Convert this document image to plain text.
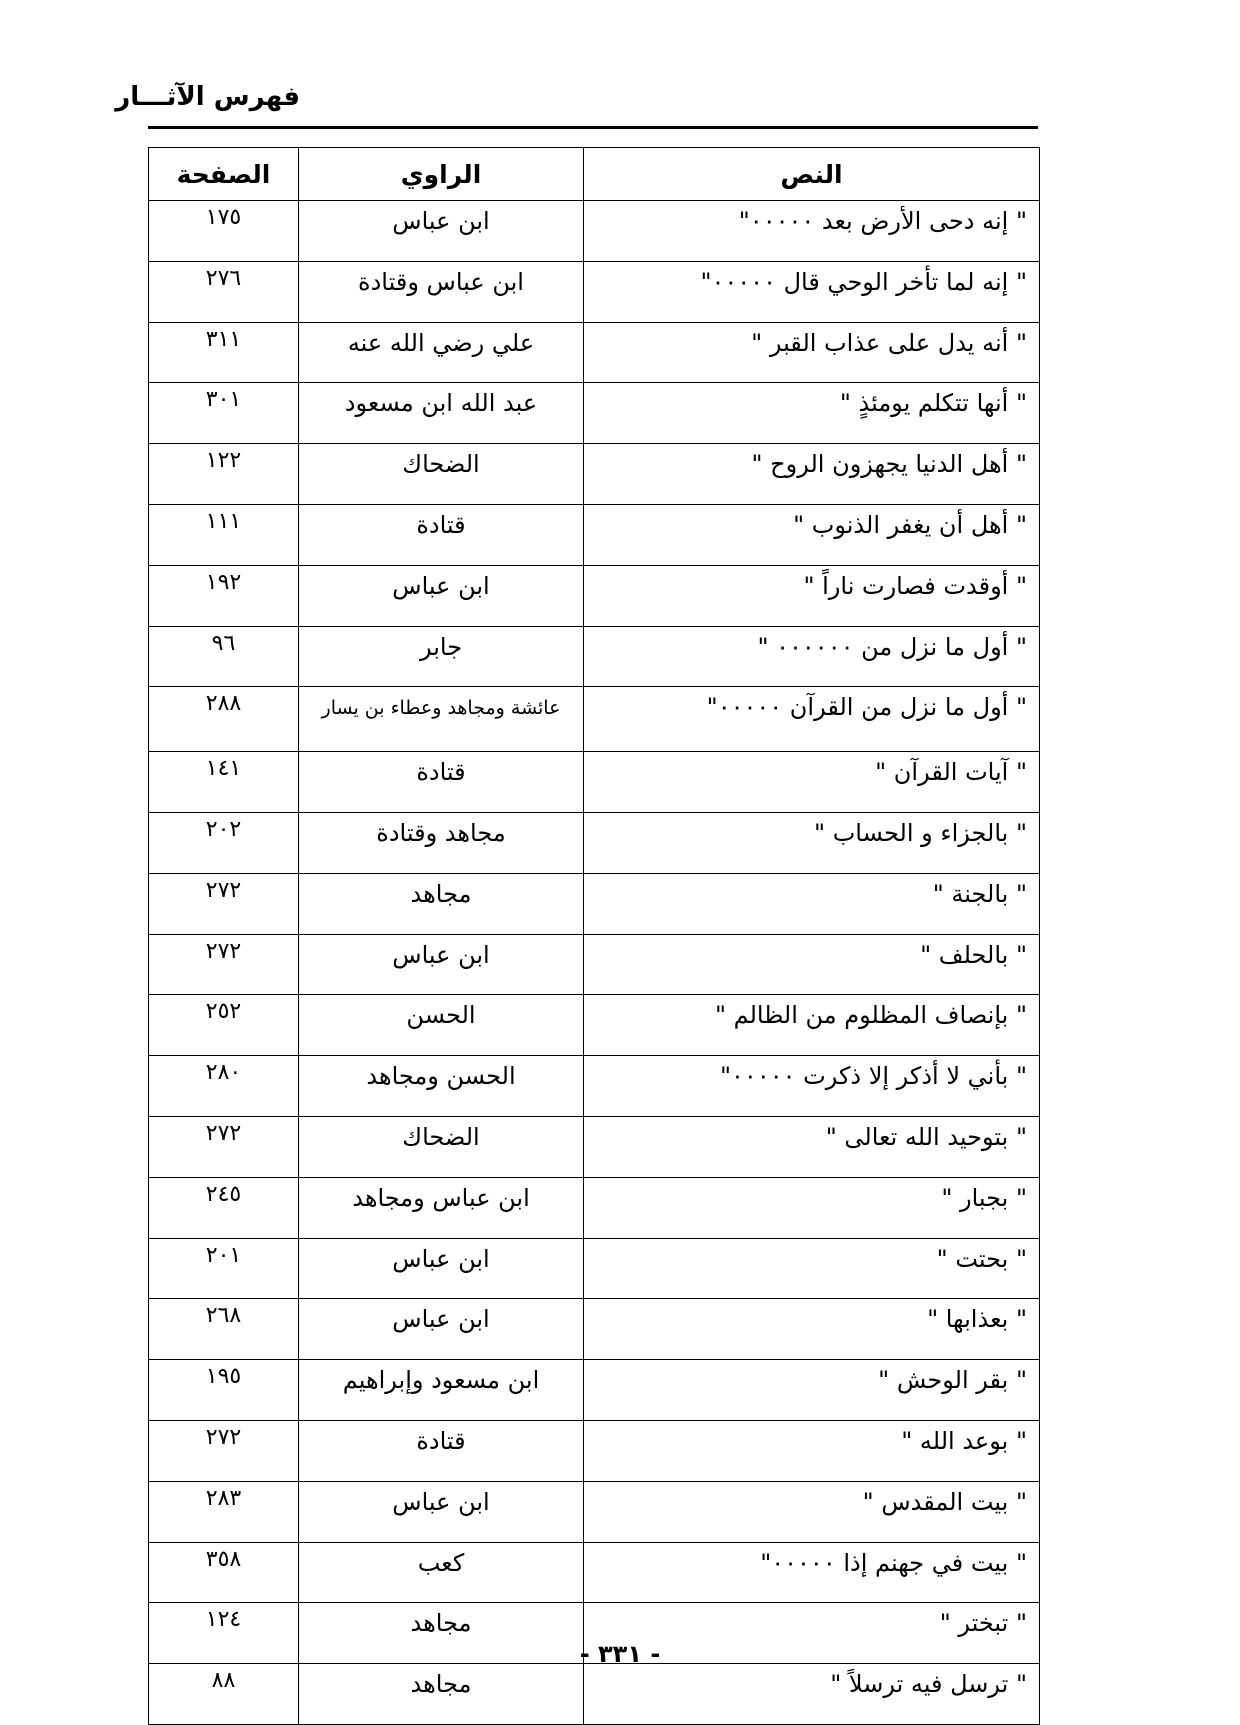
فهرس الآثـــار
النص	الراوي	الصفحة
" إنه دحى الأرض بعد ٠٠٠٠٠"	ابن عباس	١٧٥
" إنه لما تأخر الوحي قال ٠٠٠٠٠"	ابن عباس وقتادة	٢٧٦
" أنه يدل على عذاب القبر "	علي رضي الله عنه	٣١١
" أنها تتكلم يومئذٍ "	عبد الله ابن مسعود	٣٠١
" أهل الدنيا يجهزون الروح "	الضحاك	١٢٢
" أهل أن يغفر الذنوب "	قتادة	١١١
" أوقدت فصارت ناراً "	ابن عباس	١٩٢
" أول ما نزل من ٠٠٠٠٠٠ "	جابر	٩٦
" أول ما نزل من القرآن ٠٠٠٠٠"	عائشة ومجاهد وعطاء بن يسار	٢٨٨
" آيات القرآن "	قتادة	١٤١
" بالجزاء و الحساب "	مجاهد وقتادة	٢٠٢
" بالجنة "	مجاهد	٢٧٢
" بالحلف "	ابن عباس	٢٧٢
" بإنصاف المظلوم من الظالم "	الحسن	٢٥٢
" بأني لا أذكر إلا ذكرت ٠٠٠٠٠"	الحسن ومجاهد	٢٨٠
" بتوحيد الله تعالى "	الضحاك	٢٧٢
" بجبار "	ابن عباس ومجاهد	٢٤٥
" بحتت "	ابن عباس	٢٠١
" بعذابها "	ابن عباس	٢٦٨
" بقر الوحش "	ابن مسعود وإبراهيم	١٩٥
" بوعد الله "	قتادة	٢٧٢
" بيت المقدس "	ابن عباس	٢٨٣
" بيت في جهنم إذا ٠٠٠٠٠"	كعب	٣٥٨
" تبختر "	مجاهد	١٢٤
" ترسل فيه ترسلاً "	مجاهد	٨٨
- ٣٣١ -
